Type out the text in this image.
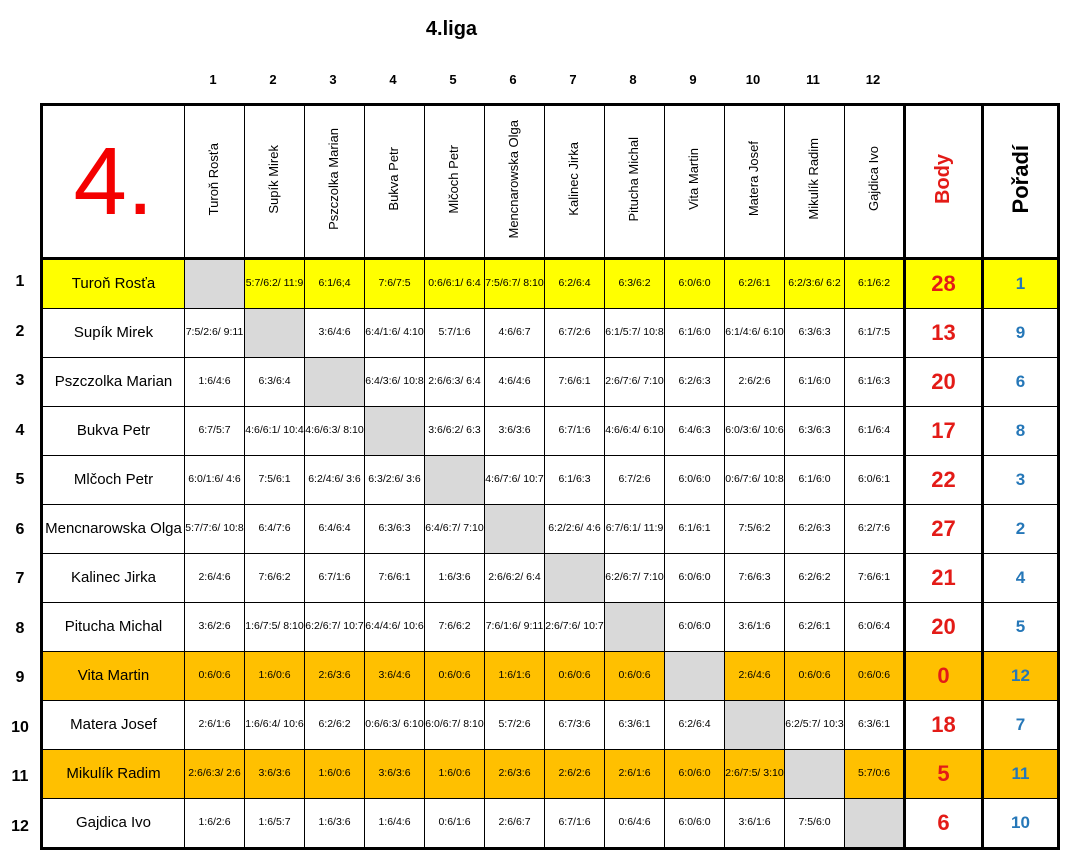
4.liga
1	2	3	4	5	6	7	8	9	10	11	12
1
2
3
4
5
6
7
8
9
10
11
12
4.	Turoň Rosťa	Supík Mirek	Pszczolka Marian	Bukva Petr	Mlčoch Petr	Mencnarowska Olga	Kalinec Jirka	Pitucha Michal	Vita Martin	Matera Josef	Mikulík Radim	Gajdica Ivo	Body	Pořadí
Turoň Rosťa		5:7/6:2/ 11:9	6:1/6;4	7:6/7:5	0:6/6:1/ 6:4	7:5/6:7/ 8:10	6:2/6:4	6:3/6:2	6:0/6:0	6:2/6:1	6:2/3:6/ 6:2	6:1/6:2	28	1
Supík Mirek	7:5/2:6/ 9:11		3:6/4:6	6:4/1:6/ 4:10	5:7/1:6	4:6/6:7	6:7/2:6	6:1/5:7/ 10:8	6:1/6:0	6:1/4:6/ 6:10	6:3/6:3	6:1/7:5	13	9
Pszczolka Marian	1:6/4:6	6:3/6:4		6:4/3:6/ 10:8	2:6/6:3/ 6:4	4:6/4:6	7:6/6:1	2:6/7:6/ 7:10	6:2/6:3	2:6/2:6	6:1/6:0	6:1/6:3	20	6
Bukva Petr	6:7/5:7	4:6/6:1/ 10:4	4:6/6:3/ 8:10		3:6/6:2/ 6:3	3:6/3:6	6:7/1:6	4:6/6:4/ 6:10	6:4/6:3	6:0/3:6/ 10:6	6:3/6:3	6:1/6:4	17	8
Mlčoch Petr	6:0/1:6/ 4:6	7:5/6:1	6:2/4:6/ 3:6	6:3/2:6/ 3:6		4:6/7:6/ 10:7	6:1/6:3	6:7/2:6	6:0/6:0	0:6/7:6/ 10:8	6:1/6:0	6:0/6:1	22	3
Mencnarowska Olga	5:7/7:6/ 10:8	6:4/7:6	6:4/6:4	6:3/6:3	6:4/6:7/ 7:10		6:2/2:6/ 4:6	6:7/6:1/ 11:9	6:1/6:1	7:5/6:2	6:2/6:3	6:2/7:6	27	2
Kalinec Jirka	2:6/4:6	7:6/6:2	6:7/1:6	7:6/6:1	1:6/3:6	2:6/6:2/ 6:4		6:2/6:7/ 7:10	6:0/6:0	7:6/6:3	6:2/6:2	7:6/6:1	21	4
Pitucha Michal	3:6/2:6	1:6/7:5/ 8:10	6:2/6:7/ 10:7	6:4/4:6/ 10:6	7:6/6:2	7:6/1:6/ 9:11	2:6/7:6/ 10:7		6:0/6:0	3:6/1:6	6:2/6:1	6:0/6:4	20	5
Vita Martin	0:6/0:6	1:6/0:6	2:6/3:6	3:6/4:6	0:6/0:6	1:6/1:6	0:6/0:6	0:6/0:6		2:6/4:6	0:6/0:6	0:6/0:6	0	12
Matera Josef	2:6/1:6	1:6/6:4/ 10:6	6:2/6:2	0:6/6:3/ 6:10	6:0/6:7/ 8:10	5:7/2:6	6:7/3:6	6:3/6:1	6:2/6:4		6:2/5:7/ 10:3	6:3/6:1	18	7
Mikulík Radim	2:6/6:3/ 2:6	3:6/3:6	1:6/0:6	3:6/3:6	1:6/0:6	2:6/3:6	2:6/2:6	2:6/1:6	6:0/6:0	2:6/7:5/ 3:10		5:7/0:6	5	11
Gajdica Ivo	1:6/2:6	1:6/5:7	1:6/3:6	1:6/4:6	0:6/1:6	2:6/6:7	6:7/1:6	0:6/4:6	6:0/6:0	3:6/1:6	7:5/6:0		6	10
